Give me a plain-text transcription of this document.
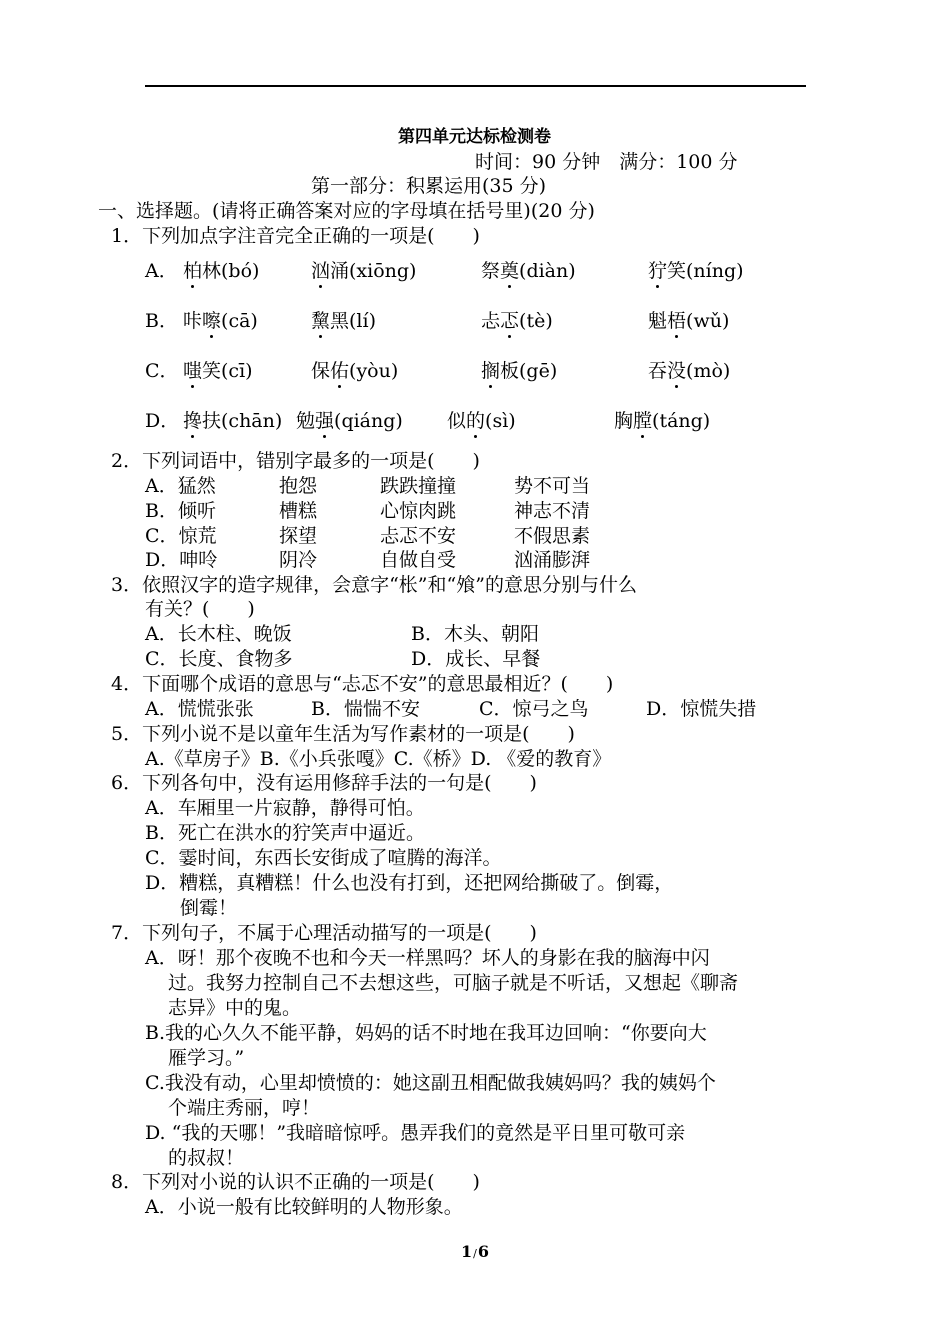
第四单元达标检测卷
时间：90 分钟　满分：100 分
第一部分：积累运用(35 分)
一、选择题。(请将正确答案对应的字母填在括号里)(20 分)
1．下列加点字注音完全正确的一项是(　　)
A． 柏林(bó)	汹涌(xiōng)	祭奠(diàn)	狞笑(níng)
B． 咔嚓(cā)	黧黑(lí)	忐忑(tè)	魁梧(wǔ)
C． 嗤笑(cī)	保佑(yòu)	搁板(gē)	吞没(mò)
D． 搀扶(chān) 勉强(qiáng) 似的(sì)	胸膛(táng)
2．下列词语中，错别字最多的一项是(　　)
A．猛然	抱怨	跌跌撞撞	势不可当
B．倾听	槽糕	心惊肉跳	神志不清
C．惊荒	探望	忐忑不安	不假思素
D．呻呤	阴冷	自做自受	汹涌膨湃
3．依照汉字的造字规律，会意字“枨”和“飧”的意思分别与什么
有关？(　　)
A．长木柱、晚饭	B．木头、朝阳
C．长度、食物多	D．成长、早餐
4．下面哪个成语的意思与“忐忑不安”的意思最相近？(　　)
A．慌慌张张	B．惴惴不安	C．惊弓之鸟	D．惊慌失措
5．下列小说不是以童年生活为写作素材的一项是(　　)
A.《草房子》B.《小兵张嘎》C.《桥》D. 《爱的教育》
6．下列各句中，没有运用修辞手法的一句是(　　)
A．车厢里一片寂静，静得可怕。
B．死亡在洪水的狞笑声中逼近。
C．霎时间，东西长安街成了喧腾的海洋。
D．糟糕，真糟糕！什么也没有打到，还把网给撕破了。倒霉，
倒霉！
7．下列句子，不属于心理活动描写的一项是(　　)
A．呀！那个夜晚不也和今天一样黑吗？坏人的身影在我的脑海中闪
过。我努力控制自己不去想这些，可脑子就是不听话，又想起《聊斋
志异》中的鬼。
B.我的心久久不能平静，妈妈的话不时地在我耳边回响：“你要向大
雁学习。”
C.我没有动，心里却愤愤的：她这副丑相配做我姨妈吗？我的姨妈个
个端庄秀丽，哼！
D. “我的天哪！”我暗暗惊呼。愚弄我们的竟然是平日里可敬可亲
的叔叔！
8．下列对小说的认识不正确的一项是(　　)
A．小说一般有比较鲜明的人物形象。
1/6
